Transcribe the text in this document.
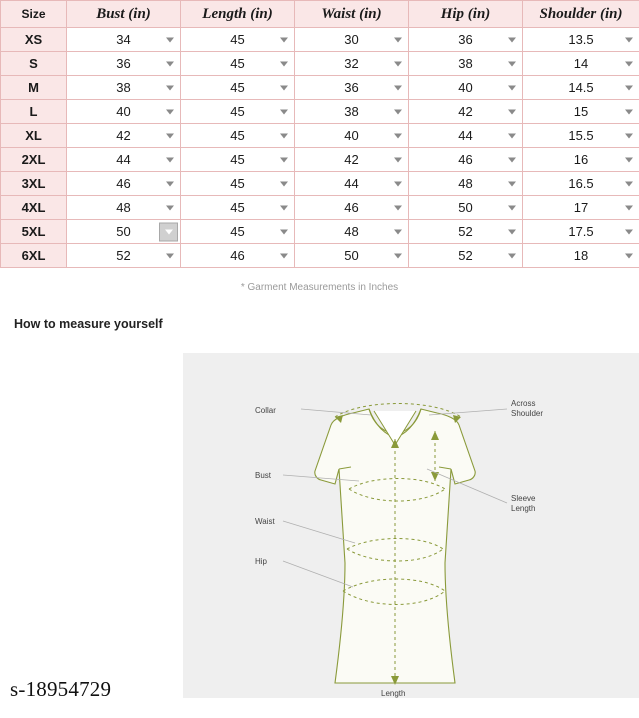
Size	Bust (in)	Length (in)	Waist (in)	Hip (in)	Shoulder (in)
XS	34	45	30	36	13.5

S	36	45	32	38	14

M	38	45	36	40	14.5

L	40	45	38	42	15

XL	42	45	40	44	15.5

2XL	44	45	42	46	16

3XL	46	45	44	48	16.5

4XL	48	45	46	50	17

5XL	50	45	48	52	17.5

6XL	52	46	50	52	18
* Garment Measurements in Inches
How to measure yourself
Collar
Bust
Waist
Hip
Across
Shoulder
Sleeve
Length
Length
s-18954729
